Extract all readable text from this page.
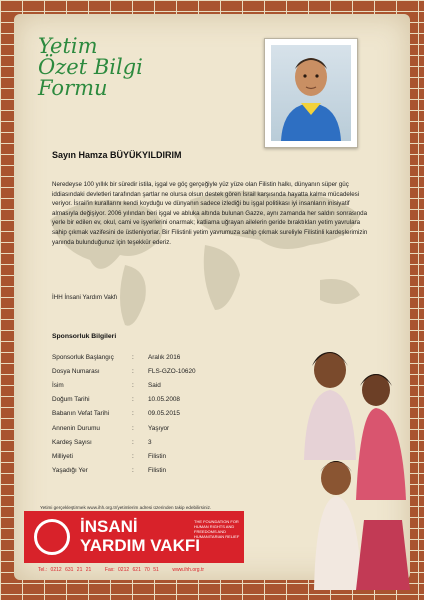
Yetim
Özet Bilgi
Formu
Sayın Hamza BÜYÜKYILDIRIM

Neredeyse 100 yıllık bir süredir istila, işgal ve göç gerçeğiyle yüz yüze olan Filistin halkı, dünyanın süper güç iddiasındaki devletleri tarafından şartlar ne olursa olsun destek gören İsrail karşısında hayatta kalma mücadelesi veriyor. İsrail'in kurallarını kendi koyduğu ve dünyanın sadece izlediği bu işgal politikası iyi insanların inisiyatif almasıyla değişiyor. 2006 yılından beri işgal ve abluka altında bulunan Gazze, aynı zamanda her saldırı sonrasında yerle bir edilen ev, okul, cami ve işyerlerini onarmak; katliama uğrayan ailelerin geride bıraktıkları yetim yavrulara sahip çıkmak vazifesini de üstleniyorlar. Bir Filistinli yetim yavrumuza sahip çıkmak sureliyle Filistinli kardeşlerimizin yanında bulunduğunuz için teşekkür ederiz.

İHH İnsani Yardım Vakfı
Sponsorluk Bilgileri
Sponsorluk Başlangıç	:	Aralık 2016
Dosya Numarası	:	FLS-GZO-10620
İsim	:	Said
Doğum Tarihi	:	10.05.2008
Babanın Vefat Tarihi	:	09.05.2015
Annenin Durumu	:	Yaşıyor
Kardeş Sayısı	:	3
Milliyeti	:	Filistin
Yaşadığı Yer	:	Filistin
Yetimi gerçekleştirmek www.ihh.org.tr/yetimlerim adresi üzerinden takip edebilirsiniz.
İNSANİ
YARDIM VAKFI
THE FOUNDATION FOR HUMAN RIGHTS AND FREEDOMS AND HUMANITARIAN RELIEF
Tel.: 0212 631 21 21	Fax: 0212 621 70 51	www.ihh.org.tr
